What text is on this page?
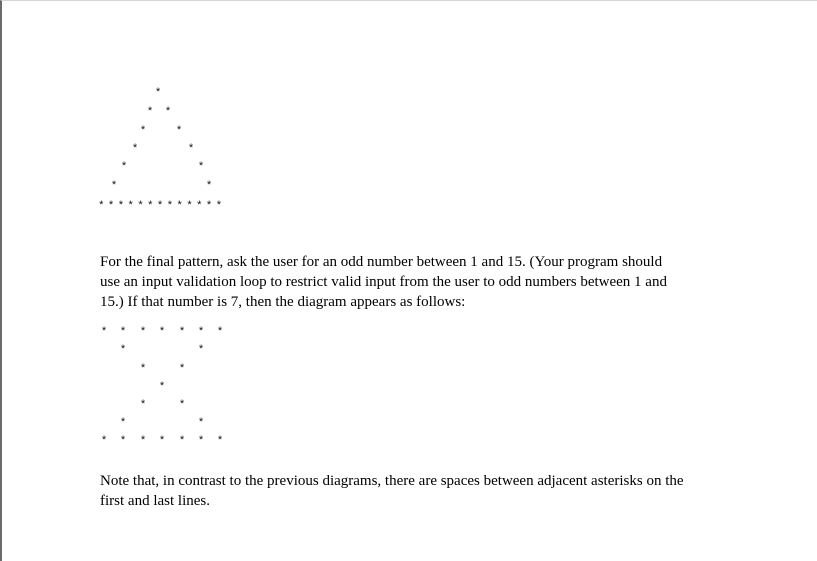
*
* *
*	*
*	*
*	*
*	*
*************

For the final pattern, ask the user for an odd number between 1 and 15. (Your program should
use an input validation loop to restrict valid input from the user to odd numbers between 1 and
15.) If that number is 7, then the diagram appears as follows:

* * * * * * *
*	*
*	*
*
*	*
*	*
* * * * * * *

Note that, in contrast to the previous diagrams, there are spaces between adjacent asterisks on the
first and last lines.
